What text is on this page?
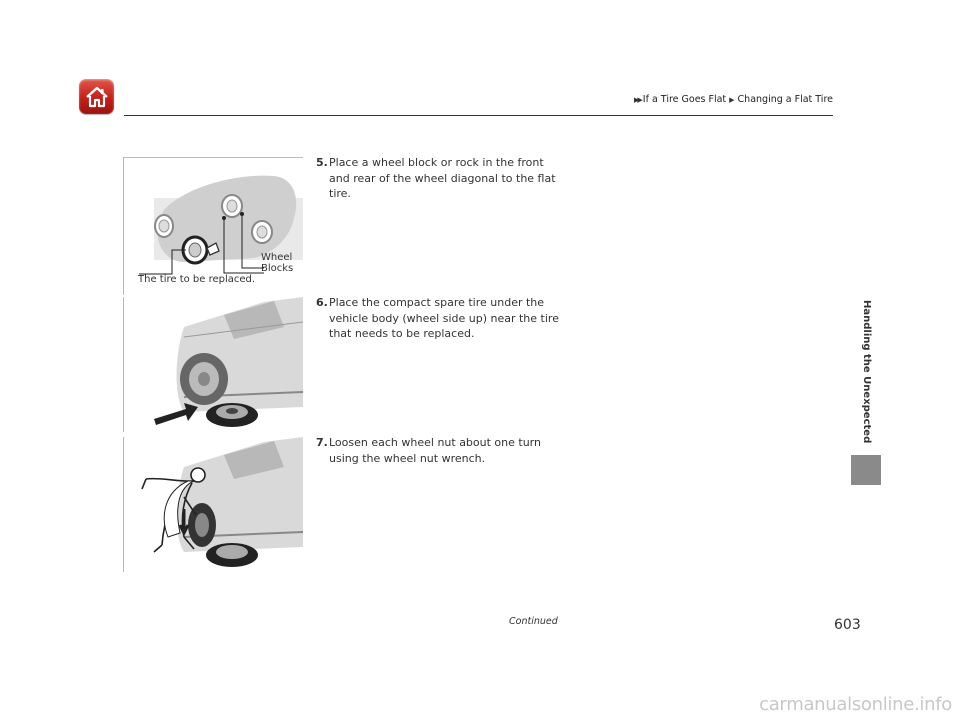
▶▶ If a Tire Goes Flat ▶ Changing a Flat Tire
Handling the Unexpected
Wheel
Blocks
The tire to be replaced.
5. Place a wheel block or rock in the front and rear of the wheel diagonal to the flat tire.
6. Place the compact spare tire under the vehicle body (wheel side up) near the tire that needs to be replaced.
7. Loosen each wheel nut about one turn using the wheel nut wrench.
Continued	603
carmanualsonline.info
